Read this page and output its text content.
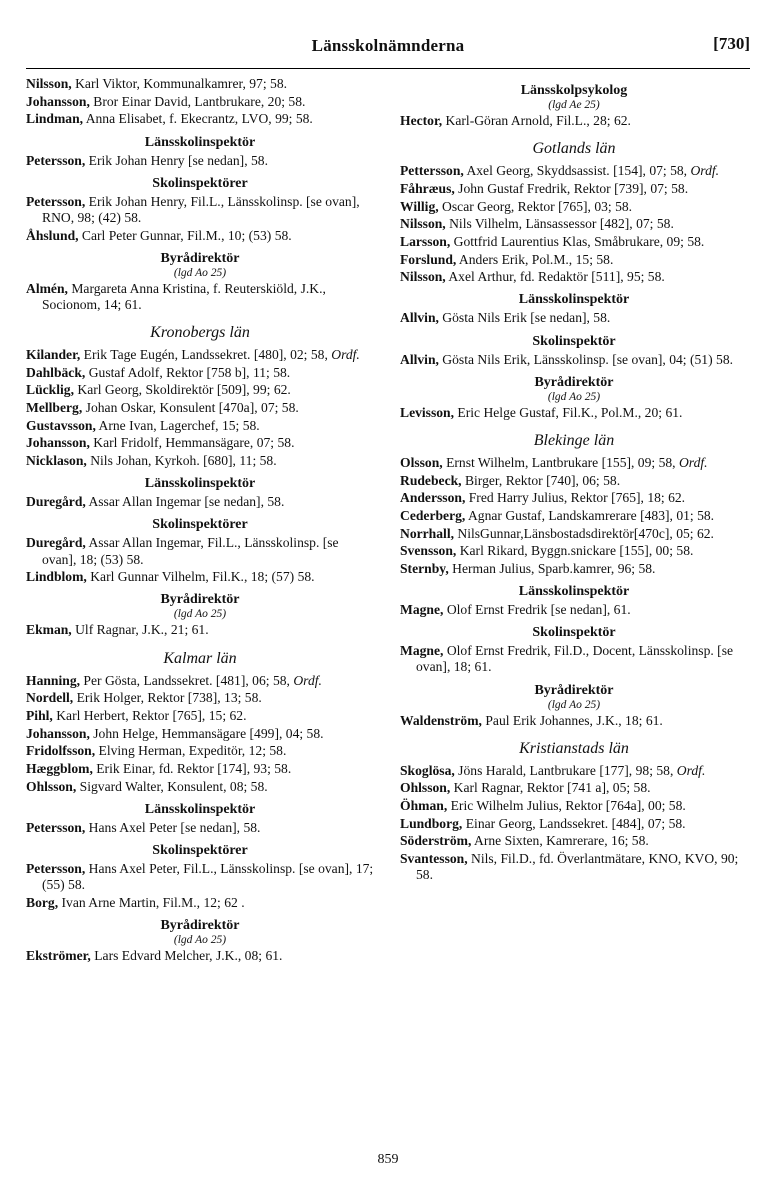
Länsskolnämnderna	[730]
Nilsson, Karl Viktor, Kommunalkamrer, 97; 58.
Johansson, Bror Einar David, Lantbrukare, 20; 58.
Lindman, Anna Elisabet, f. Ekecrantz, LVO, 99; 58.
Länsskolinspektör
Petersson, Erik Johan Henry [se nedan], 58.
Skolinspektörer
Petersson, Erik Johan Henry, Fil.L., Länsskolinsp. [se ovan], RNO, 98; (42) 58.
Åhslund, Carl Peter Gunnar, Fil.M., 10; (53) 58.
Byrådirektör
(lgd Ao 25)
Almén, Margareta Anna Kristina, f. Reuterskiöld, J.K., Socionom, 14; 61.
Kronobergs län
Kilander, Erik Tage Eugén, Landssekret. [480], 02; 58, Ordf.
Dahlbäck, Gustaf Adolf, Rektor [758 b], 11; 58.
Lücklig, Karl Georg, Skoldirektör [509], 99; 62.
Mellberg, Johan Oskar, Konsulent [470a], 07; 58.
Gustavsson, Arne Ivan, Lagerchef, 15; 58.
Johansson, Karl Fridolf, Hemmansägare, 07; 58.
Nicklason, Nils Johan, Kyrkoh. [680], 11; 58.
Länsskolinspektör
Duregård, Assar Allan Ingemar [se nedan], 58.
Skolinspektörer
Duregård, Assar Allan Ingemar, Fil.L., Länsskolinsp. [se ovan], 18; (53) 58.
Lindblom, Karl Gunnar Vilhelm, Fil.K., 18; (57) 58.
Byrådirektör
(lgd Ao 25)
Ekman, Ulf Ragnar, J.K., 21; 61.
Kalmar län
Hanning, Per Gösta, Landssekret. [481], 06; 58, Ordf.
Nordell, Erik Holger, Rektor [738], 13; 58.
Pihl, Karl Herbert, Rektor [765], 15; 62.
Johansson, John Helge, Hemmansägare [499], 04; 58.
Fridolfsson, Elving Herman, Expeditör, 12; 58.
Hæggblom, Erik Einar, fd. Rektor [174], 93; 58.
Ohlsson, Sigvard Walter, Konsulent, 08; 58.
Länsskolinspektör
Petersson, Hans Axel Peter [se nedan], 58.
Skolinspektörer
Petersson, Hans Axel Peter, Fil.L., Länsskolinsp. [se ovan], 17; (55) 58.
Borg, Ivan Arne Martin, Fil.M., 12; 62 .
Byrådirektör
(lgd Ao 25)
Ekströmer, Lars Edvard Melcher, J.K., 08; 61.
Länsskolpsykolog
(lgd Ae 25)
Hector, Karl-Göran Arnold, Fil.L., 28; 62.
Gotlands län
Pettersson, Axel Georg, Skyddsassist. [154], 07; 58, Ordf.
Fåhræus, John Gustaf Fredrik, Rektor [739], 07; 58.
Willig, Oscar Georg, Rektor [765], 03; 58.
Nilsson, Nils Vilhelm, Länsassessor [482], 07; 58.
Larsson, Gottfrid Laurentius Klas, Småbrukare, 09; 58.
Forslund, Anders Erik, Pol.M., 15; 58.
Nilsson, Axel Arthur, fd. Redaktör [511], 95; 58.
Länsskolinspektör
Allvin, Gösta Nils Erik [se nedan], 58.
Skolinspektör
Allvin, Gösta Nils Erik, Länsskolinsp. [se ovan], 04; (51) 58.
Byrådirektör
(lgd Ao 25)
Levisson, Eric Helge Gustaf, Fil.K., Pol.M., 20; 61.
Blekinge län
Olsson, Ernst Wilhelm, Lantbrukare [155], 09; 58, Ordf.
Rudebeck, Birger, Rektor [740], 06; 58.
Andersson, Fred Harry Julius, Rektor [765], 18; 62.
Cederberg, Agnar Gustaf, Landskamrerare [483], 01; 58.
Norrhall, NilsGunnar,Länsbostadsdirektör[470c], 05; 62.
Svensson, Karl Rikard, Byggn.snickare [155], 00; 58.
Sternby, Herman Julius, Sparb.kamrer, 96; 58.
Länsskolinspektör
Magne, Olof Ernst Fredrik [se nedan], 61.
Skolinspektör
Magne, Olof Ernst Fredrik, Fil.D., Docent, Länsskolinsp. [se ovan], 18; 61.
Byrådirektör
(lgd Ao 25)
Waldenström, Paul Erik Johannes, J.K., 18; 61.
Kristianstads län
Skoglösa, Jöns Harald, Lantbrukare [177], 98; 58, Ordf.
Ohlsson, Karl Ragnar, Rektor [741 a], 05; 58.
Öhman, Eric Wilhelm Julius, Rektor [764a], 00; 58.
Lundborg, Einar Georg, Landssekret. [484], 07; 58.
Söderström, Arne Sixten, Kamrerare, 16; 58.
Svantesson, Nils, Fil.D., fd. Överlantmätare, KNO, KVO, 90; 58.
859
